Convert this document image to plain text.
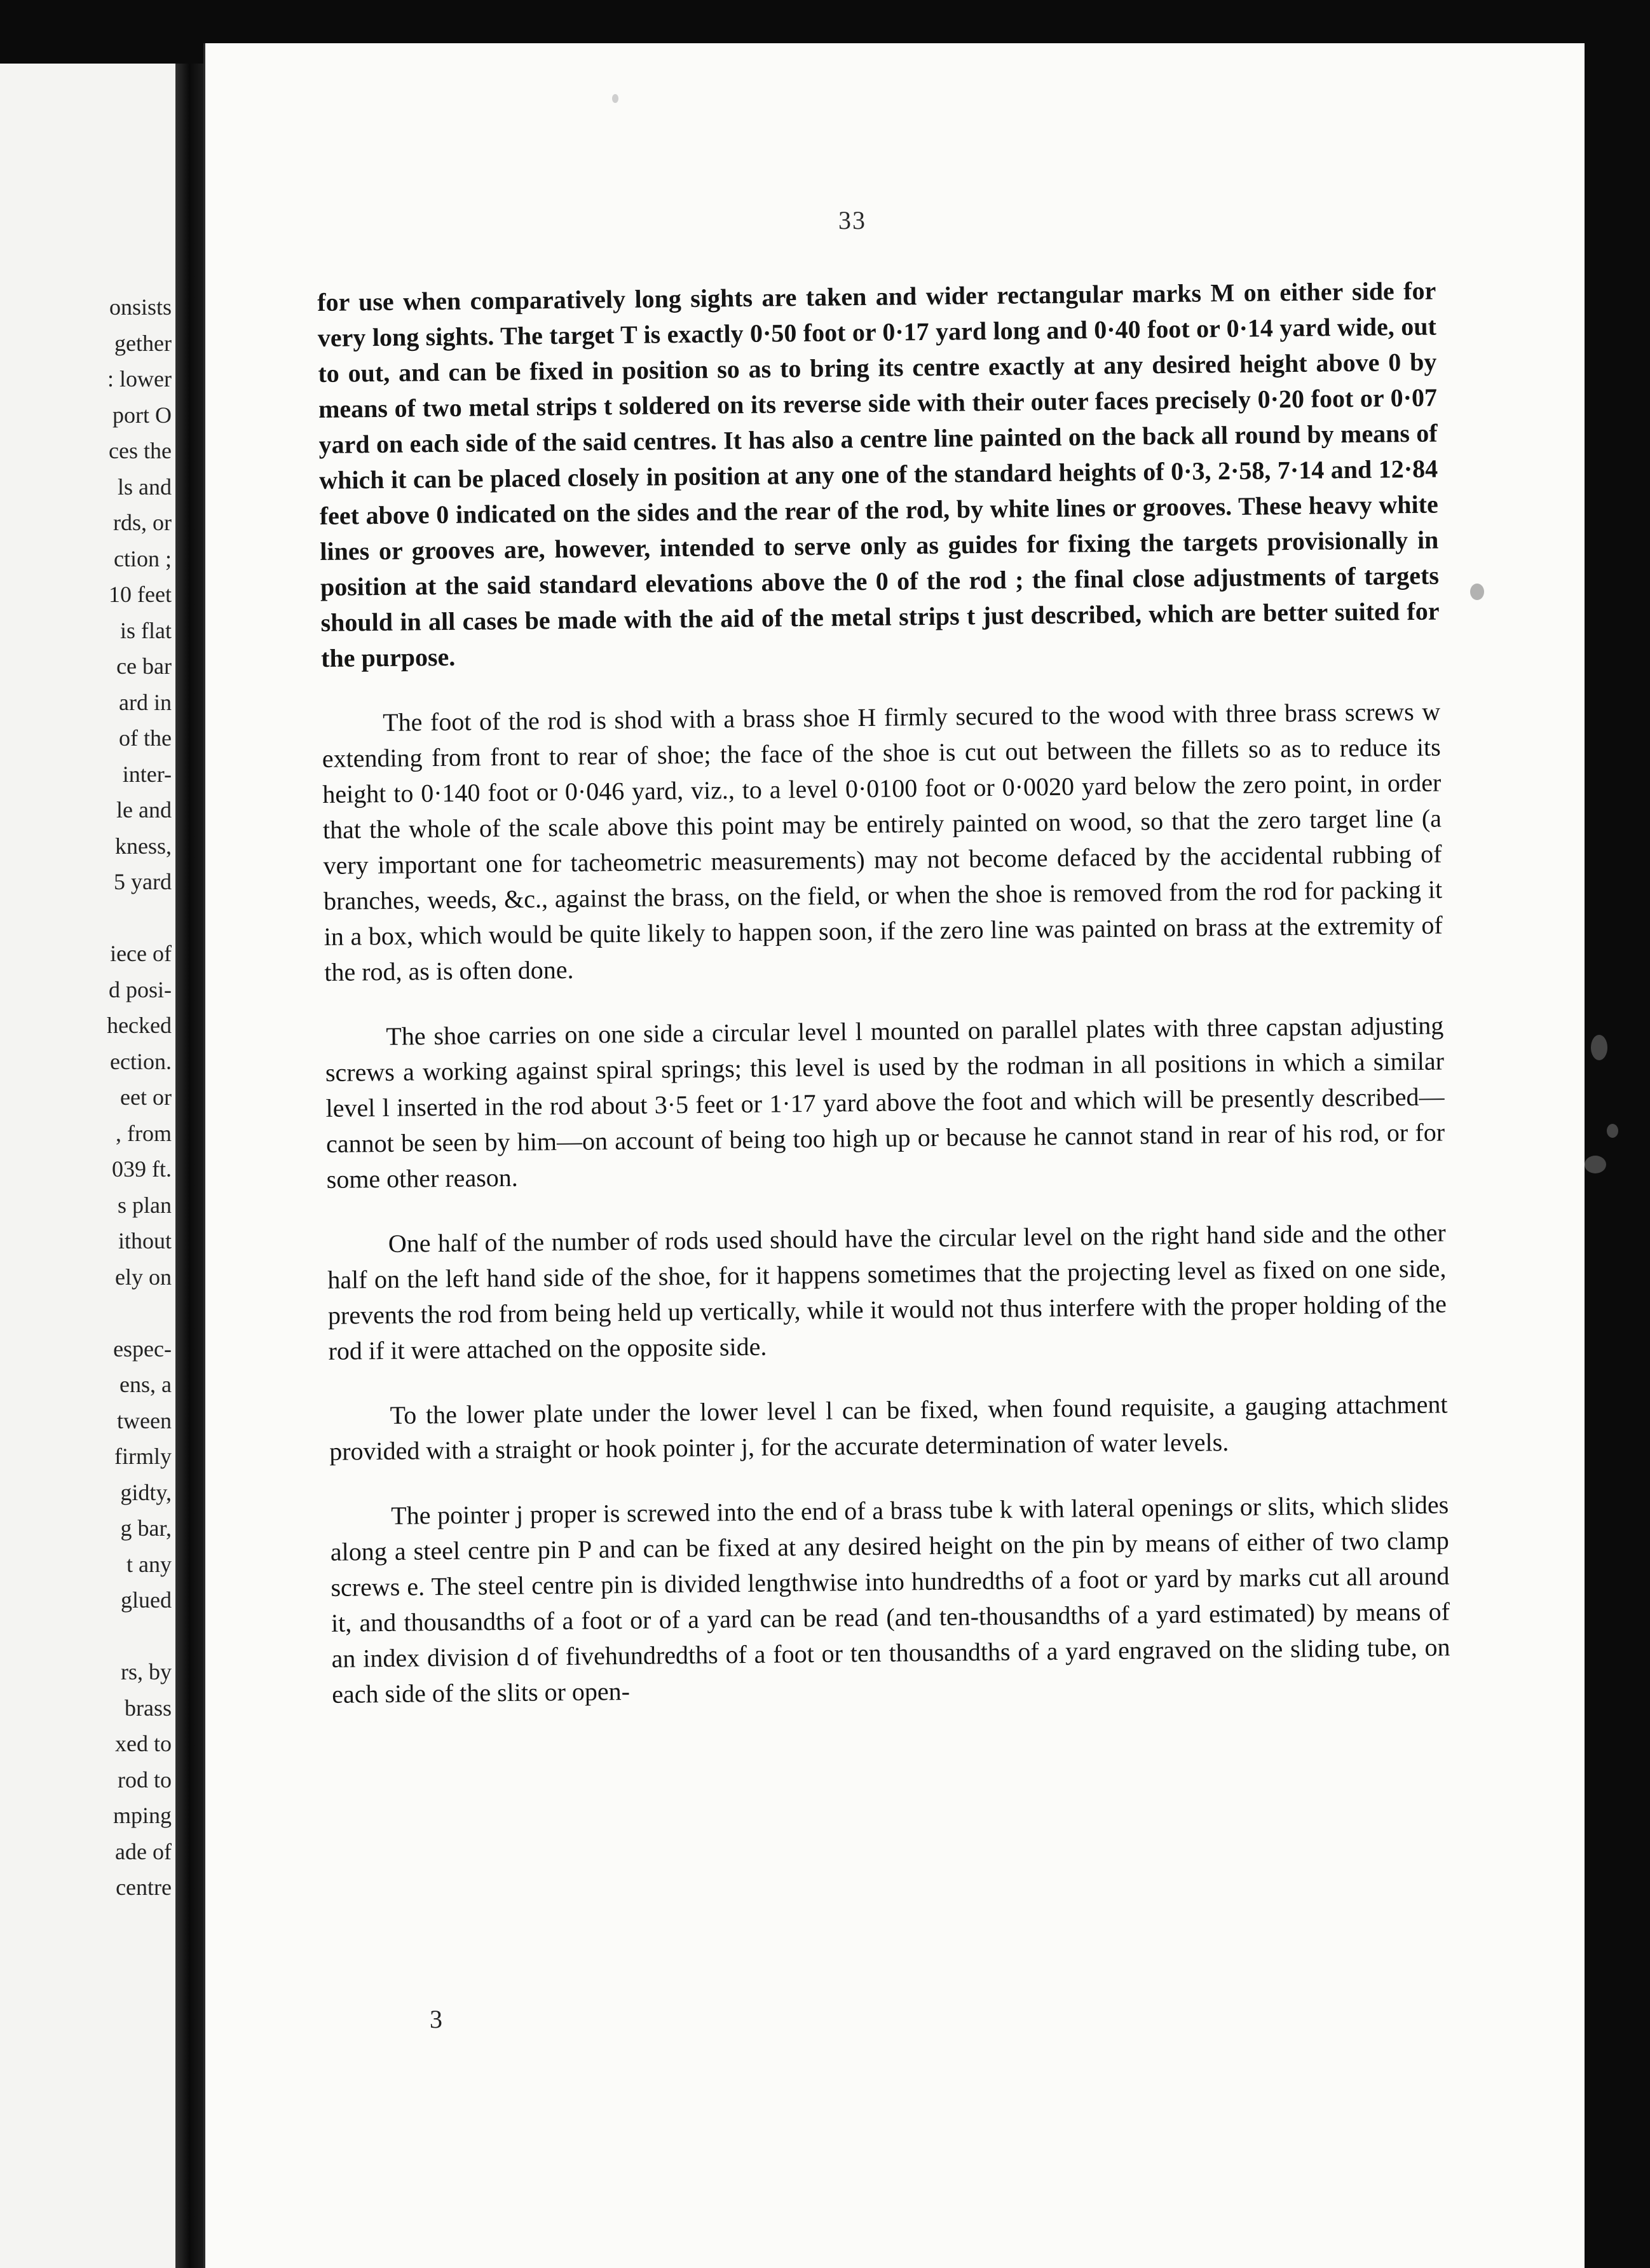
onsists
gether
: lower
port O
ces the
ls and
rds, or
ction ;
10 feet
is flat
ce bar
ard in
of the
inter-
le and
kness,
5 yard
iece of
d posi-
hecked
ection.
eet or
, from
039 ft.
s plan
ithout
ely on
espec-
ens, a
tween
firmly
gidty,
g bar,
t any
glued
rs, by
brass
xed to
rod to
mping
ade of
centre
33

for use when comparatively long sights are taken and wider rectangular marks M on either side for very long sights. The target T is exactly 0·50 foot or 0·17 yard long and 0·40 foot or 0·14 yard wide, out to out, and can be fixed in position so as to bring its centre exactly at any desired height above 0 by means of two metal strips t soldered on its reverse side with their outer faces precisely 0·20 foot or 0·07 yard on each side of the said centres. It has also a centre line painted on the back all round by means of which it can be placed closely in position at any one of the standard heights of 0·3, 2·58, 7·14 and 12·84 feet above 0 indicated on the sides and the rear of the rod, by white lines or grooves. These heavy white lines or grooves are, however, intended to serve only as guides for fixing the targets provisionally in position at the said standard elevations above the 0 of the rod ; the final close adjustments of targets should in all cases be made with the aid of the metal strips t just described, which are better suited for the purpose.

The foot of the rod is shod with a brass shoe H firmly secured to the wood with three brass screws w extending from front to rear of shoe; the face of the shoe is cut out between the fillets so as to reduce its height to 0·140 foot or 0·046 yard, viz., to a level 0·0100 foot or 0·0020 yard below the zero point, in order that the whole of the scale above this point may be entirely painted on wood, so that the zero target line (a very important one for tacheometric measurements) may not become defaced by the accidental rubbing of branches, weeds, &c., against the brass, on the field, or when the shoe is removed from the rod for packing it in a box, which would be quite likely to happen soon, if the zero line was painted on brass at the extremity of the rod, as is often done.

The shoe carries on one side a circular level l mounted on parallel plates with three capstan adjusting screws a working against spiral springs; this level is used by the rodman in all positions in which a similar level l inserted in the rod about 3·5 feet or 1·17 yard above the foot and which will be presently described—cannot be seen by him—on account of being too high up or because he cannot stand in rear of his rod, or for some other reason.

One half of the number of rods used should have the circular level on the right hand side and the other half on the left hand side of the shoe, for it happens sometimes that the projecting level as fixed on one side, prevents the rod from being held up vertically, while it would not thus interfere with the proper holding of the rod if it were attached on the opposite side.

To the lower plate under the lower level l can be fixed, when found requisite, a gauging attachment provided with a straight or hook pointer j, for the accurate determination of water levels.

The pointer j proper is screwed into the end of a brass tube k with lateral openings or slits, which slides along a steel centre pin P and can be fixed at any desired height on the pin by means of either of two clamp screws e. The steel centre pin is divided lengthwise into hundredths of a foot or yard by marks cut all around it, and thousandths of a foot or of a yard can be read (and ten-thousandths of a yard estimated) by means of an index division d of fivehundredths of a foot or ten thousandths of a yard engraved on the sliding tube, on each side of the slits or open-

3
